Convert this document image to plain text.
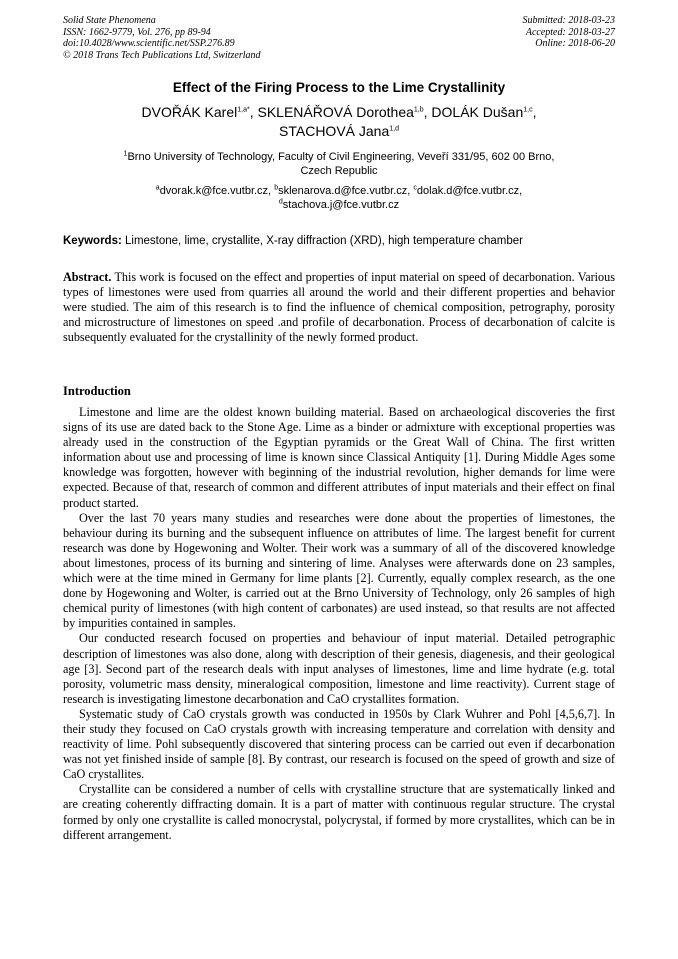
Solid State Phenomena
ISSN: 1662-9779, Vol. 276, pp 89-94
doi:10.4028/www.scientific.net/SSP.276.89
© 2018 Trans Tech Publications Ltd, Switzerland
Submitted: 2018-03-23
Accepted: 2018-03-27
Online: 2018-06-20
Effect of the Firing Process to the Lime Crystallinity
DVOŘÁK Karel$^{1,a*}$, SKLENÁŘOVÁ Dorothea$^{1,b}$, DOLÁK Dušan$^{1,c}$,
STACHOVÁ Jana$^{1,d}$
$^1$Brno University of Technology, Faculty of Civil Engineering, Veveří 331/95, 602 00 Brno,
Czech Republic
$^a$dvorak.k@fce.vutbr.cz, $^b$sklenarova.d@fce.vutbr.cz, $^c$dolak.d@fce.vutbr.cz,
$^d$stachova.j@fce.vutbr.cz
Keywords: Limestone, lime, crystallite, X-ray diffraction (XRD), high temperature chamber
Abstract. This work is focused on the effect and properties of input material on speed of decarbonation. Various types of limestones were used from quarries all around the world and their different properties and behavior were studied. The aim of this research is to find the influence of chemical composition, petrography, porosity and microstructure of limestones on speed .and profile of decarbonation. Process of decarbonation of calcite is subsequently evaluated for the crystallinity of the newly formed product.
Introduction

Limestone and lime are the oldest known building material. Based on archaeological discoveries the first signs of its use are dated back to the Stone Age. Lime as a binder or admixture with exceptional properties was already used in the construction of the Egyptian pyramids or the Great Wall of China. The first written information about use and processing of lime is known since Classical Antiquity [1]. During Middle Ages some knowledge was forgotten, however with beginning of the industrial revolution, higher demands for lime were expected. Because of that, research of common and different attributes of input materials and their effect on final product started.

Over the last 70 years many studies and researches were done about the properties of limestones, the behaviour during its burning and the subsequent influence on attributes of lime. The largest benefit for current research was done by Hogewoning and Wolter. Their work was a summary of all of the discovered knowledge about limestones, process of its burning and sintering of lime. Analyses were afterwards done on 23 samples, which were at the time mined in Germany for lime plants [2]. Currently, equally complex research, as the one done by Hogewoning and Wolter, is carried out at the Brno University of Technology, only 26 samples of high chemical purity of limestones (with high content of carbonates) are used instead, so that results are not affected by impurities contained in samples.

Our conducted research focused on properties and behaviour of input material. Detailed petrographic description of limestones was also done, along with description of their genesis, diagenesis, and their geological age [3]. Second part of the research deals with input analyses of limestones, lime and lime hydrate (e.g. total porosity, volumetric mass density, mineralogical composition, limestone and lime reactivity). Current stage of research is investigating limestone decarbonation and CaO crystallites formation.

Systematic study of CaO crystals growth was conducted in 1950s by Clark Wuhrer and Pohl [4,5,6,7]. In their study they focused on CaO crystals growth with increasing temperature and correlation with density and reactivity of lime. Pohl subsequently discovered that sintering process can be carried out even if decarbonation was not yet finished inside of sample [8]. By contrast, our research is focused on the speed of growth and size of CaO crystallites.

Crystallite can be considered a number of cells with crystalline structure that are systematically linked and are creating coherently diffracting domain. It is a part of matter with continuous regular structure. The crystal formed by only one crystallite is called monocrystal, polycrystal, if formed by more crystallites, which can be in different arrangement.
